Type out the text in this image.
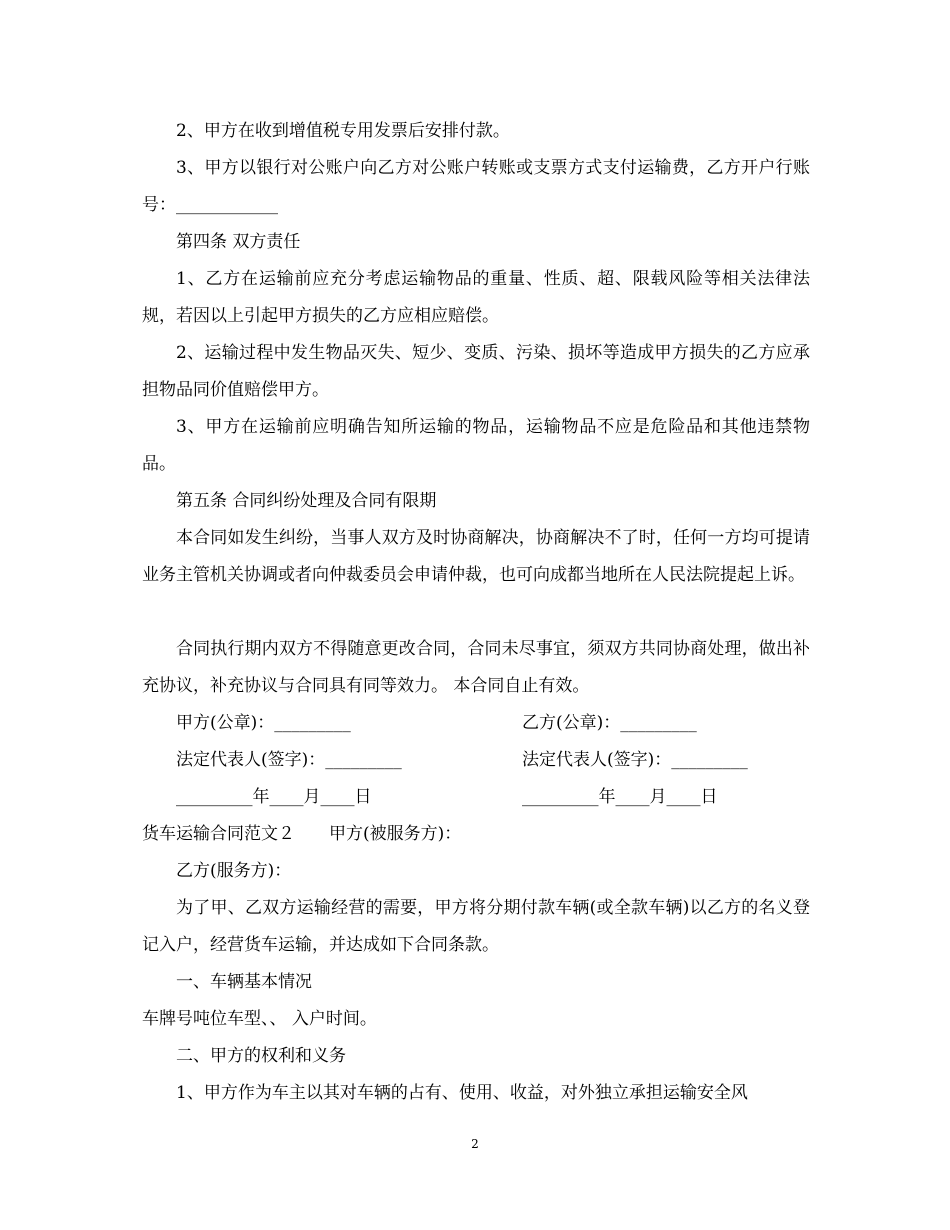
2、甲方在收到增值税专用发票后安排付款。

3、甲方以银行对公账户向乙方对公账户转账或支票方式支付运输费，乙方开户行账号：____________

第四条 双方责任

1、乙方在运输前应充分考虑运输物品的重量、性质、超、限载风险等相关法律法规，若因以上引起甲方损失的乙方应相应赔偿。

2、运输过程中发生物品灭失、短少、变质、污染、损坏等造成甲方损失的乙方应承担物品同价值赔偿甲方。

3、甲方在运输前应明确告知所运输的物品，运输物品不应是危险品和其他违禁物品。

第五条 合同纠纷处理及合同有限期

本合同如发生纠纷，当事人双方及时协商解决，协商解决不了时，任何一方均可提请业务主管机关协调或者向仲裁委员会申请仲裁，也可向成都当地所在人民法院提起上诉。

合同执行期内双方不得随意更改合同，合同未尽事宜，须双方共同协商处理，做出补充协议，补充协议与合同具有同等效力。 本合同自止有效。

甲方(公章)：_________	乙方(公章)：_________
法定代表人(签字)：_________	法定代表人(签字)：_________
_________年____月____日	_________年____月____日
货车运输合同范文２　　甲方(被服务方)：
乙方(服务方)：

为了甲、乙双方运输经营的需要，甲方将分期付款车辆(或全款车辆)以乙方的名义登记入户，经营货车运输，并达成如下合同条款。

一、车辆基本情况

车牌号吨位车型、、 入户时间。

二、甲方的权利和义务

1、甲方作为车主以其对车辆的占有、使用、收益，对外独立承担运输安全风

2
